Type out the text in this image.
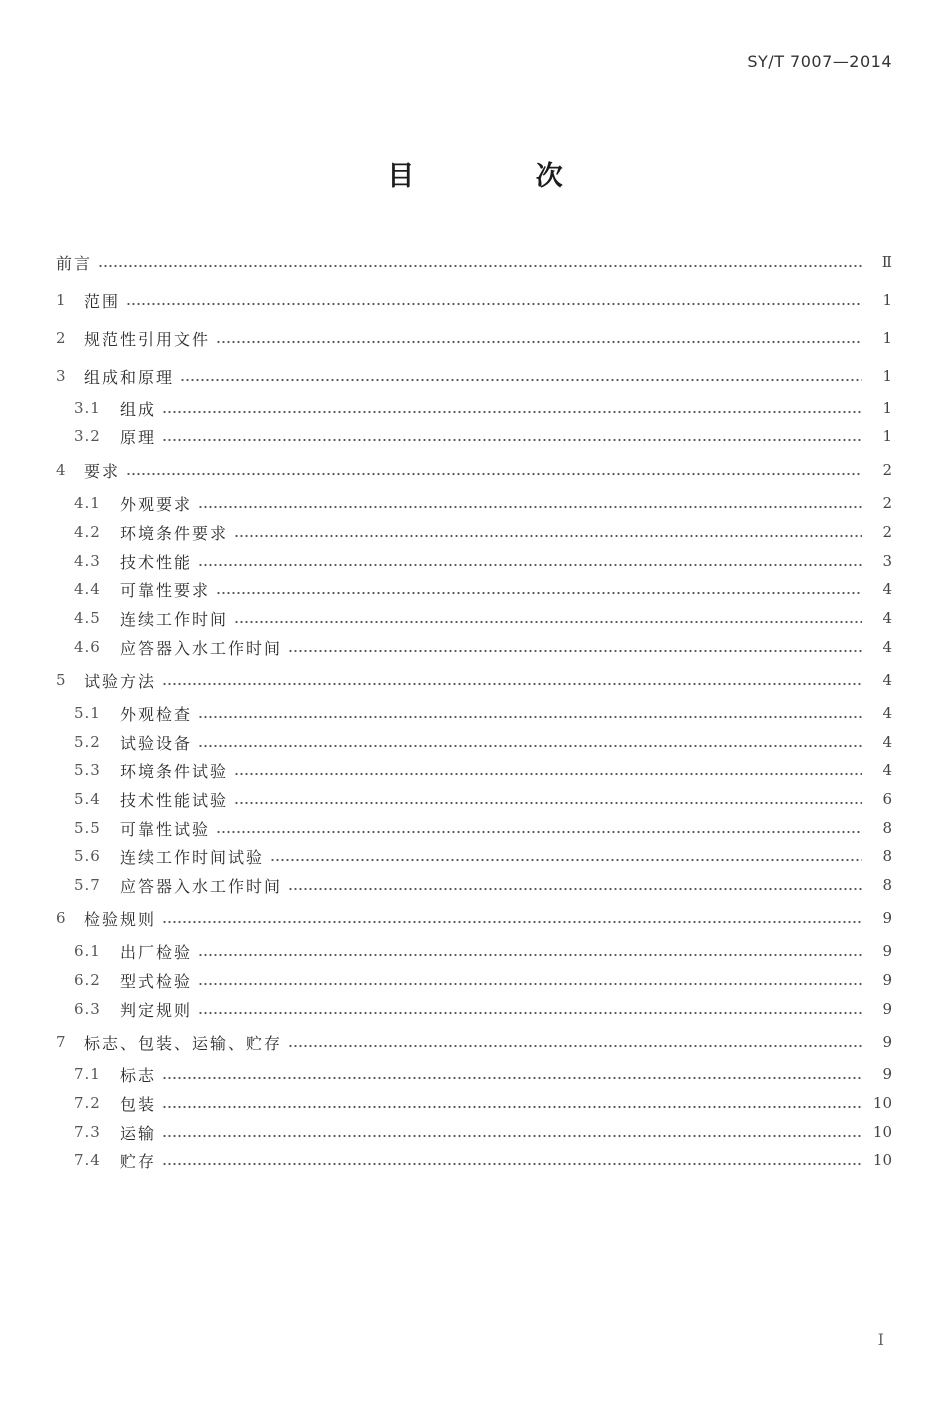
SY/T 7007—2014
目 次
前言	Ⅱ
1	范围	1
2	规范性引用文件	1
3	组成和原理	1
3.1	组成	1
3.2	原理	1
4	要求	2
4.1	外观要求	2
4.2	环境条件要求	2
4.3	技术性能	3
4.4	可靠性要求	4
4.5	连续工作时间	4
4.6	应答器入水工作时间	4
5	试验方法	4
5.1	外观检查	4
5.2	试验设备	4
5.3	环境条件试验	4
5.4	技术性能试验	6
5.5	可靠性试验	8
5.6	连续工作时间试验	8
5.7	应答器入水工作时间	8
6	检验规则	9
6.1	出厂检验	9
6.2	型式检验	9
6.3	判定规则	9
7	标志、包装、运输、贮存	9
7.1	标志	9
7.2	包装	10
7.3	运输	10
7.4	贮存	10
Ⅰ
